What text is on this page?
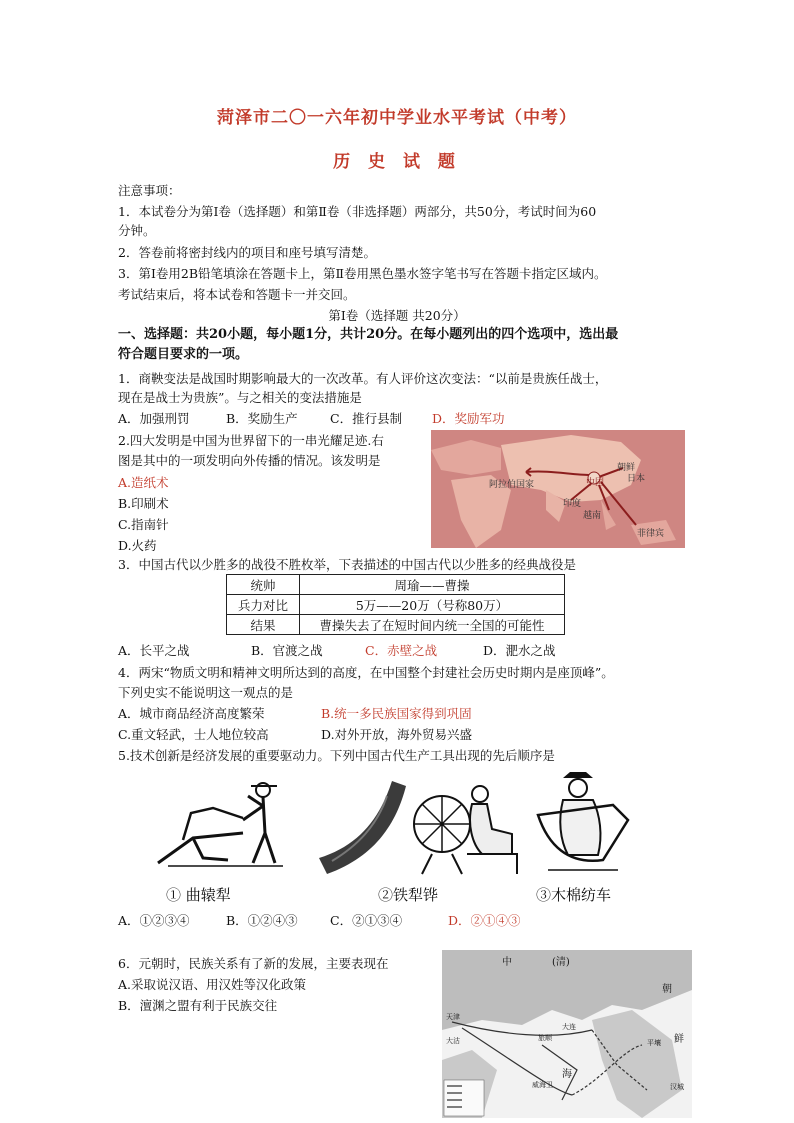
菏泽市二〇一六年初中学业水平考试（中考）
历 史 试 题
注意事项：
1．本试卷分为第Ⅰ卷（选择题）和第Ⅱ卷（非选择题）两部分，共50分，考试时间为60
分钟。
2．答卷前将密封线内的项目和座号填写清楚。
3．第Ⅰ卷用2B铅笔填涂在答题卡上，第Ⅱ卷用黑色墨水签字笔书写在答题卡指定区域内。
考试结束后，将本试卷和答题卡一并交回。
第Ⅰ卷（选择题 共20分）
一、选择题：共20小题，每小题1分，共计20分。在每小题列出的四个选项中，选出最
符合题目要求的一项。
1．商鞅变法是战国时期影响最大的一次改革。有人评价这次变法：“以前是贵族任战士，
现在是战士为贵族”。与之相关的变法措施是
A．加强刑罚	B．奖励生产	C．推行县制 D．奖励军功
2.四大发明是中国为世界留下的一串光耀足迹.右
图是其中的一项发明向外传播的情况。该发明是
A.造纸术
B.印刷术
C.指南针
D.火药
中国
朝鲜
日本
阿拉伯国家
印度
越南
菲律宾
3．中国古代以少胜多的战役不胜枚举，下表描述的中国古代以少胜多的经典战役是
统帅	周瑜——曹操
兵力对比	5万——20万（号称80万）
结果	曹操失去了在短时间内统一全国的可能性
A．长平之战	B．官渡之战	C．赤壁之战	D．淝水之战
4．两宋“物质文明和精神文明所达到的高度，在中国整个封建社会历史时期内是座顶峰”。
下列史实不能说明这一观点的是
A．城市商品经济高度繁荣	B.统一多民族国家得到巩固
C.重文轻武，士人地位较高	D.对外开放，海外贸易兴盛
5.技术创新是经济发展的重要驱动力。下列中国古代生产工具出现的先后顺序是
① 曲辕犁	②铁犁铧	③木棉纺车
A．①②③④	B．①②④③	C．②①③④	D．②①④③
6．元朝时，民族关系有了新的发展，主要表现在
A.采取说汉语、用汉姓等汉化政策
B．澶渊之盟有利于民族交往
中	(清)
朝
天津
大沽	旅顺
大连
威海卫
平壤
汉城
鲜
海
